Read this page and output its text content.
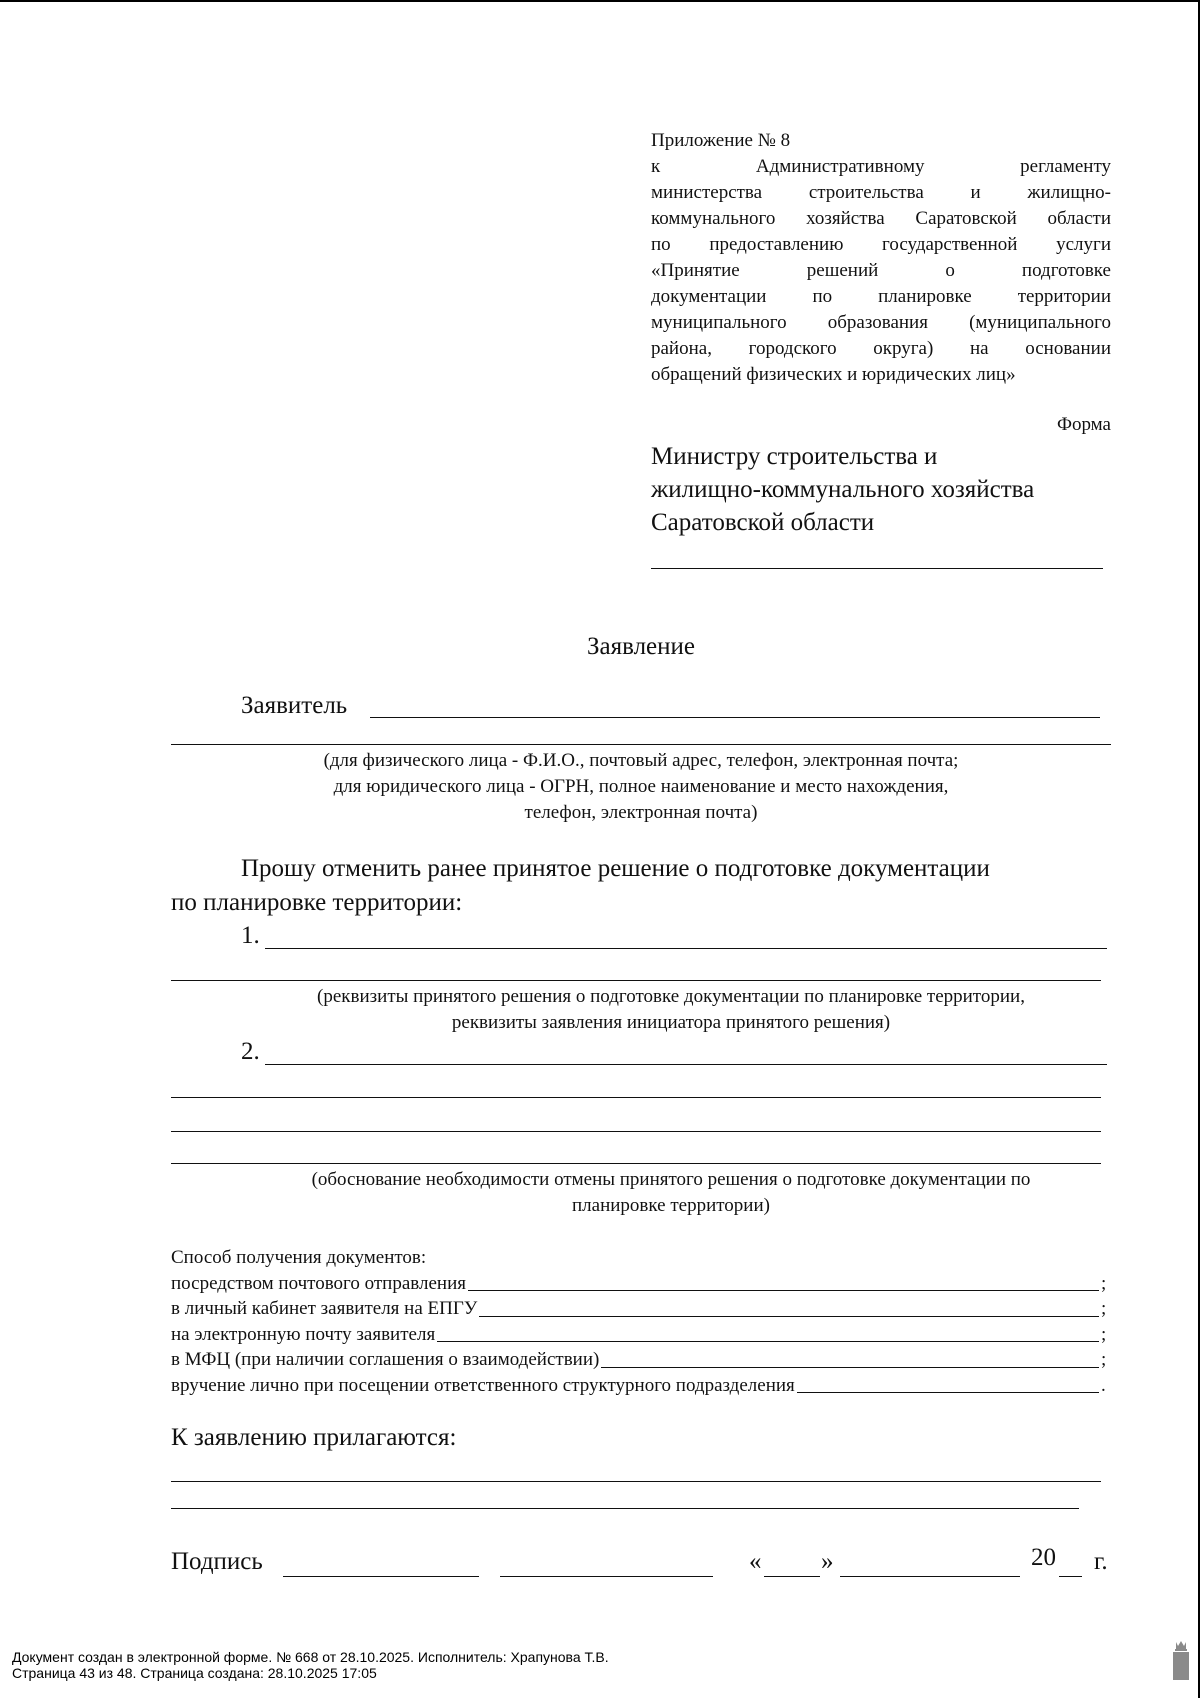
Приложение № 8
к Административному регламенту
министерства строительства и жилищно-
коммунального хозяйства Саратовской области
по предоставлению государственной услуги
«Принятие решений о подготовке
документации по планировке территории
муниципального образования (муниципального
района, городского округа) на основании
обращений физических и юридических лиц»
Форма
Министру строительства и
жилищно-коммунального хозяйства
Саратовской области
Заявление
Заявитель
(для физического лица - Ф.И.О., почтовый адрес, телефон, электронная почта;
для юридического лица - ОГРН, полное наименование и место нахождения,
телефон, электронная почта)
Прошу отменить ранее принятое решение о подготовке документации
по планировке территории:
1.
(реквизиты принятого решения о подготовке документации по планировке территории,
реквизиты заявления инициатора принятого решения)
2.
(обоснование необходимости отмены принятого решения о подготовке документации по
планировке территории)
Способ получения документов:
посредством почтового отправления	;
в личный кабинет заявителя на ЕПГУ	;
на электронную почту заявителя	;
в МФЦ (при наличии соглашения о взаимодействии)	;
вручение лично при посещении ответственного структурного подразделения	.
К заявлению прилагаются:
Подпись	« »	20 г.
Документ создан в электронной форме. № 668 от 28.10.2025. Исполнитель: Храпунова Т.В.
Страница 43 из 48. Страница создана: 28.10.2025 17:05
